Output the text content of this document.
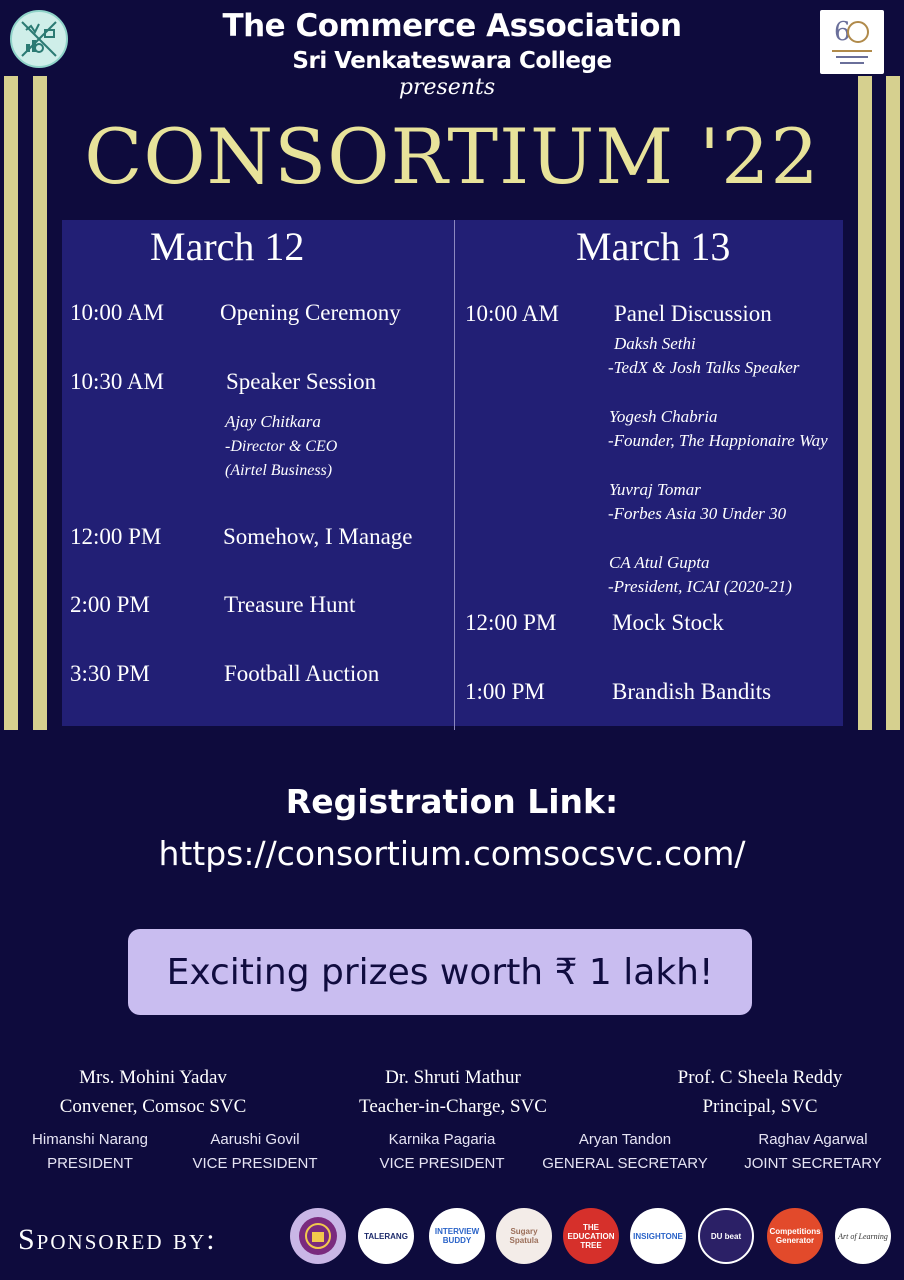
6
The Commerce Association
Sri Venkateswara College
presents
CONSORTIUM '22
March 12
10:00 AM Opening Ceremony
10:30 AM	Speaker Session
Ajay Chitkara
-Director & CEO
(Airtel Business)
12:00 PM	Somehow, I Manage
2:00 PM	Treasure Hunt
3:30 PM	Football Auction
March 13
10:00 AM Panel Discussion
Daksh Sethi
-TedX & Josh Talks Speaker
Yogesh Chabria
-Founder, The Happionaire Way
Yuvraj Tomar
-Forbes Asia 30 Under 30
CA Atul Gupta
-President, ICAI (2020-21)
12:00 PM Mock Stock
1:00 PM	Brandish Bandits
Registration Link:
https://consortium.comsocsvc.com/
Exciting prizes worth ₹ 1 lakh!
Mrs. Mohini Yadav
Convener, Comsoc SVC
Dr. Shruti Mathur
Teacher-in-Charge, SVC
Prof. C Sheela Reddy
Principal, SVC
Himanshi Narang
PRESIDENT
Aarushi Govil
VICE PRESIDENT
Karnika Pagaria
VICE PRESIDENT
Aryan Tandon
GENERAL SECRETARY
Raghav Agarwal
JOINT SECRETARY
Sponsored by:	TALERANG	INTERVIEW BUDDY
Sugary Spatula
THE EDUCATION TREE
INSIGHTONE	DU beat	Competitions Generator	Art of Learning
